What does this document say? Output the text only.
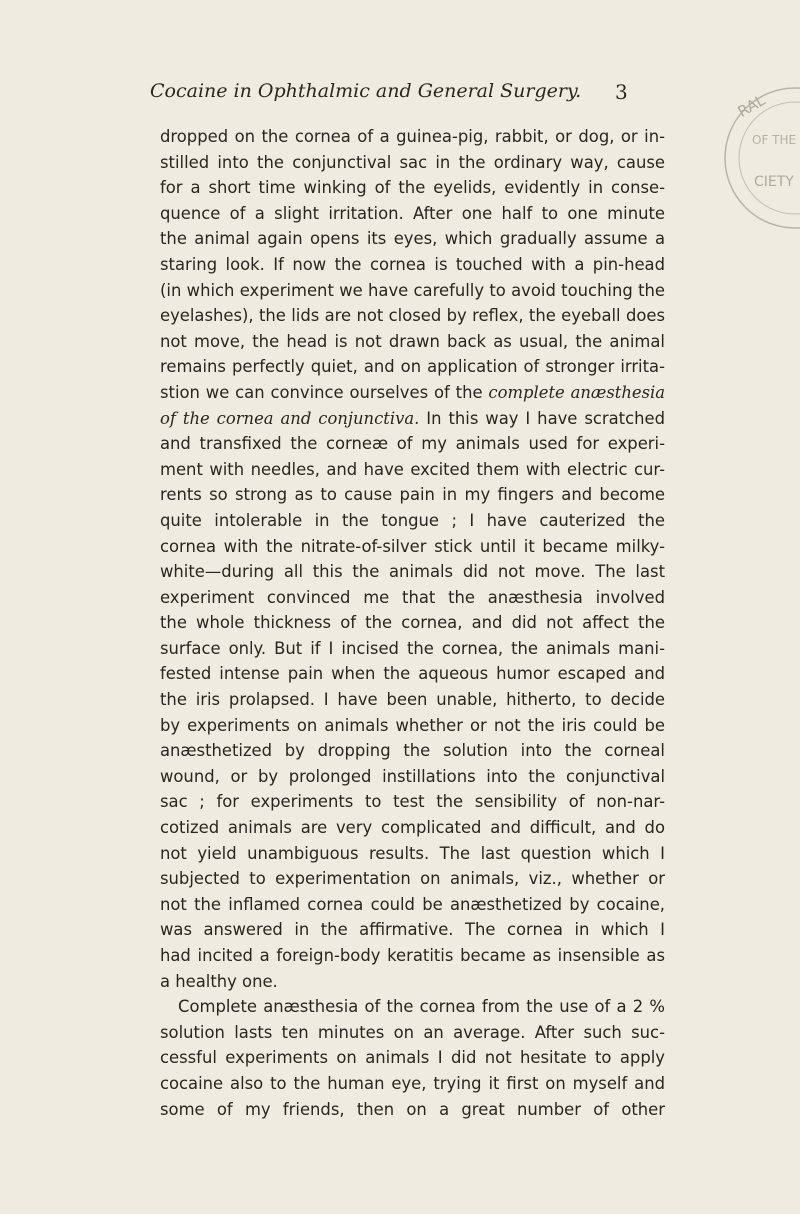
Cocaine in Ophthalmic and General Surgery. 3	RAL
OF THE
CIETY
dropped on the cornea of a guinea-pig, rabbit, or dog, or in-
stilled into the conjunctival sac in the ordinary way, cause
for a short time winking of the eyelids, evidently in conse-
quence of a slight irritation. After one half to one minute
the animal again opens its eyes, which gradually assume a
staring look. If now the cornea is touched with a pin-head
(in which experiment we have carefully to avoid touching the
eyelashes), the lids are not closed by reflex, the eyeball does
not move, the head is not drawn back as usual, the animal
remains perfectly quiet, and on application of stronger irrita-
stion we can convince ourselves of the complete anæsthesia
of the cornea and conjunctiva. In this way I have scratched
and transfixed the corneæ of my animals used for experi-
ment with needles, and have excited them with electric cur-
rents so strong as to cause pain in my fingers and become
quite intolerable in the tongue ; I have cauterized the
cornea with the nitrate-of-silver stick until it became milky-
white—during all this the animals did not move. The last
experiment convinced me that the anæsthesia involved
the whole thickness of the cornea, and did not affect the
surface only. But if I incised the cornea, the animals mani-
fested intense pain when the aqueous humor escaped and
the iris prolapsed. I have been unable, hitherto, to decide
by experiments on animals whether or not the iris could be
anæsthetized by dropping the solution into the corneal
wound, or by prolonged instillations into the conjunctival
sac ; for experiments to test the sensibility of non-nar-
cotized animals are very complicated and difficult, and do
not yield unambiguous results. The last question which I
subjected to experimentation on animals, viz., whether or
not the inflamed cornea could be anæsthetized by cocaine,
was answered in the affirmative. The cornea in which I
had incited a foreign-body keratitis became as insensible as
a healthy one.
Complete anæsthesia of the cornea from the use of a 2 %
solution lasts ten minutes on an average. After such suc-
cessful experiments on animals I did not hesitate to apply
cocaine also to the human eye, trying it first on myself and
some of my friends, then on a great number of other
